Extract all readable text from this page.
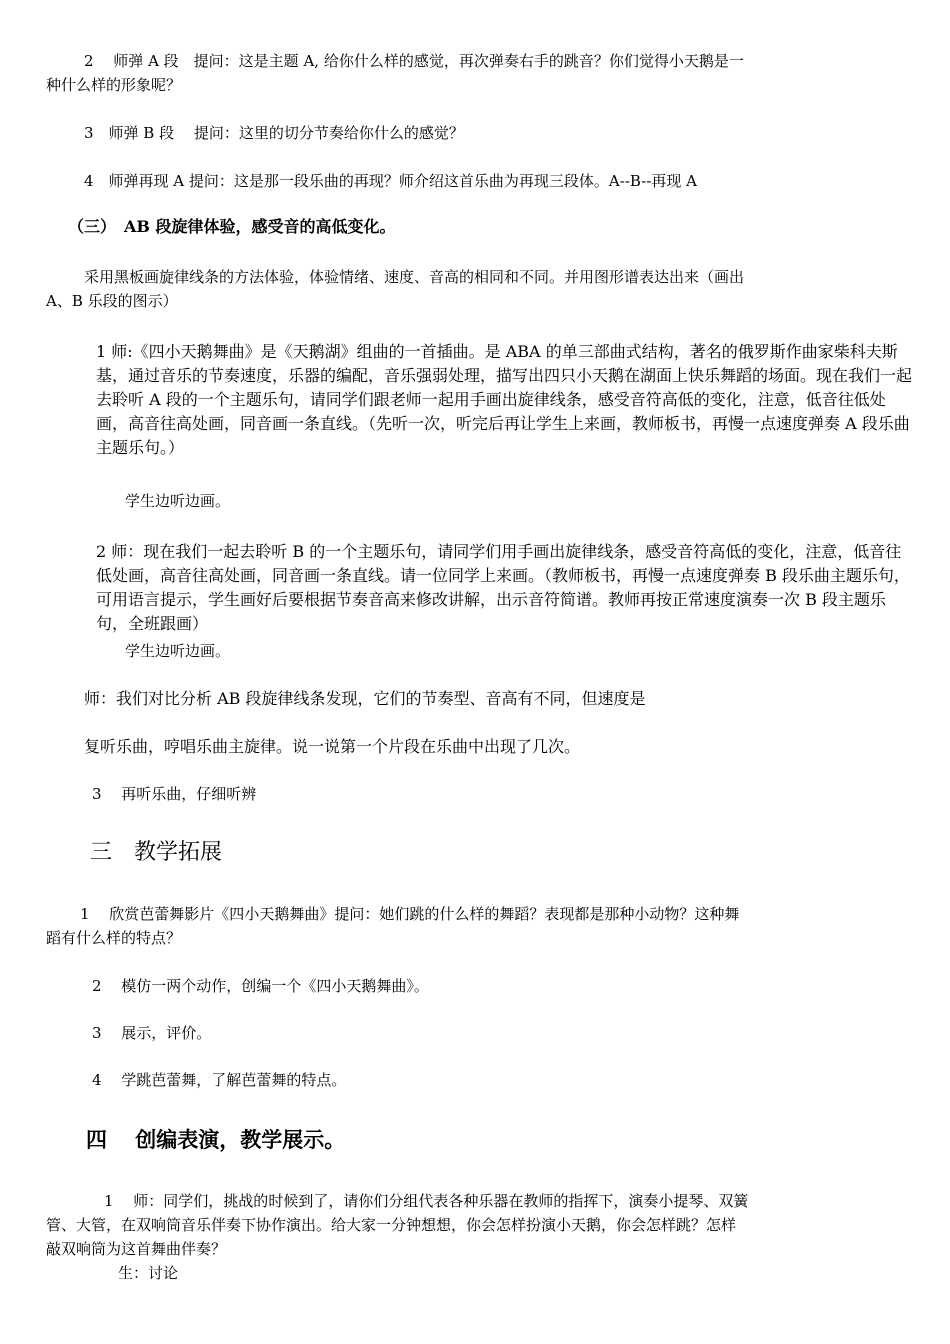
2　 师弹 A 段　提问：这是主题 A, 给你什么样的感觉，再次弹奏右手的跳音？你们觉得小天鹅是一
种什么样的形象呢？
3　师弹 B 段　 提问：这里的切分节奏给你什么的感觉？
4　师弹再现 A 提问：这是那一段乐曲的再现？师介绍这首乐曲为再现三段体。A--B--再现 A
（三）　AB 段旋律体验，感受音的高低变化。
采用黑板画旋律线条的方法体验，体验情绪、速度、音高的相同和不同。并用图形谱表达出来（画出
A、B 乐段的图示）
1 师:《四小天鹅舞曲》是《天鹅湖》组曲的一首插曲。是 ABA 的单三部曲式结构，著名的俄罗斯作曲家柴科夫斯基，通过音乐的节奏速度，乐器的编配，音乐强弱处理，描写出四只小天鹅在湖面上快乐舞蹈的场面。现在我们一起去聆听 A 段的一个主题乐句，请同学们跟老师一起用手画出旋律线条，感受音符高低的变化，注意，低音往低处画，高音往高处画，同音画一条直线。（先听一次，听完后再让学生上来画，教师板书，再慢一点速度弹奏 A 段乐曲主题乐句。）
学生边听边画。
2 师：现在我们一起去聆听 B 的一个主题乐句，请同学们用手画出旋律线条，感受音符高低的变化，注意，低音往低处画，高音往高处画，同音画一条直线。请一位同学上来画。（教师板书，再慢一点速度弹奏 B 段乐曲主题乐句，可用语言提示，学生画好后要根据节奏音高来修改讲解，出示音符简谱。教师再按正常速度演奏一次 B 段主题乐句，全班跟画）
学生边听边画。
师：我们对比分析 AB 段旋律线条发现，它们的节奏型、音高有不同，但速度是
复听乐曲，哼唱乐曲主旋律。说一说第一个片段在乐曲中出现了几次。
3　 再听乐曲，仔细听辨
三　教学拓展
1　 欣赏芭蕾舞影片《四小天鹅舞曲》提问：她们跳的什么样的舞蹈？表现都是那种小动物？这种舞
蹈有什么样的特点？
2　 模仿一两个动作，创编一个《四小天鹅舞曲》。
3　 展示，评价。
4　 学跳芭蕾舞，了解芭蕾舞的特点。
四　 创编表演，教学展示。
1　 师：同学们，挑战的时候到了，请你们分组代表各种乐器在教师的指挥下，演奏小提琴、双簧
管、大管，在双响筒音乐伴奏下协作演出。给大家一分钟想想，你会怎样扮演小天鹅，你会怎样跳？怎样
敲双响筒为这首舞曲伴奏？
生：讨论
